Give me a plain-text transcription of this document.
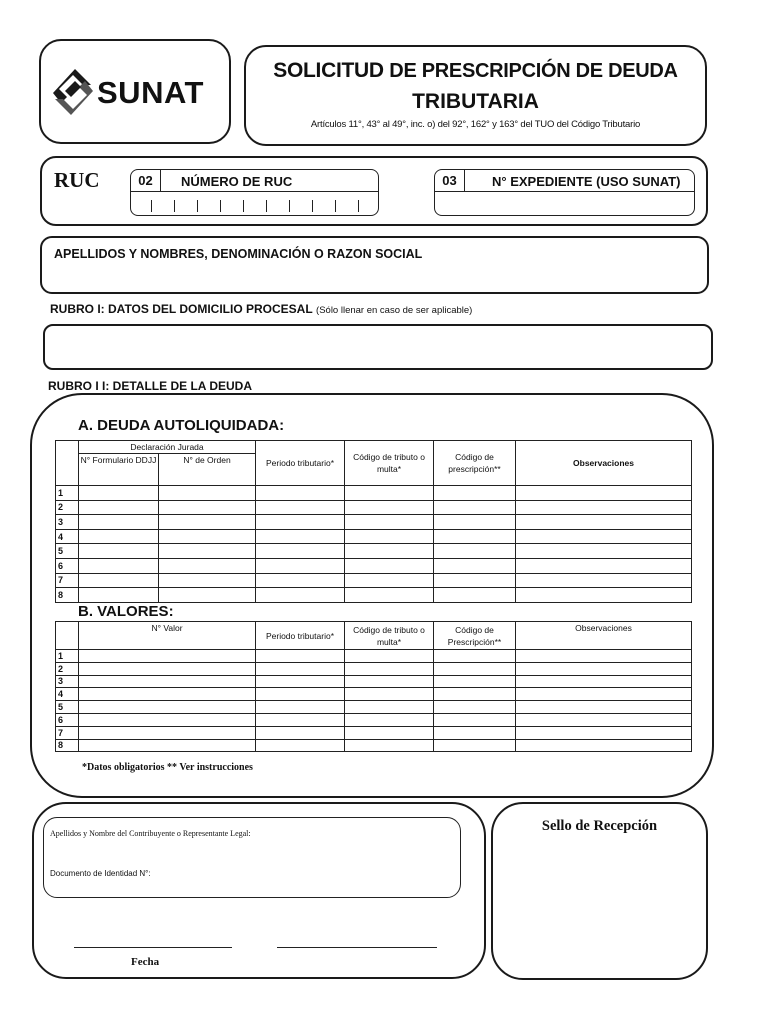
SUNAT
SOLICITUD DE PRESCRIPCIÓN DE DEUDA
TRIBUTARIA
Artículos 11°, 43° al 49°, inc. o) del 92°, 162° y 163° del TUO del Código Tributario
RUC	02	NÚMERO DE RUC	03	N° EXPEDIENTE (USO SUNAT)
APELLIDOS Y NOMBRES, DENOMINACIÓN O RAZON SOCIAL
RUBRO I: DATOS DEL DOMICILIO PROCESAL (Sólo llenar en caso de ser aplicable)
RUBRO I I: DETALLE DE LA DEUDA
A. DEUDA AUTOLIQUIDADA:
	Declaración Jurada		Periodo tributario*	Código de tributo o multa*	Código de prescripción**	Observaciones
	N° Formulario DDJJ	N° de Orden				
1						
2						
3						
4						
5						
6						
7						
8						
B. VALORES:
	N° Valor	Periodo tributario*	Código de tributo o multa*	Código de Prescripción**	Observaciones
1					
2					
3					
4					
5					
6					
7					
8					
*Datos obligatorios ** Ver instrucciones
Apellidos y Nombre del Contribuyente o Representante Legal:
Documento de Identidad N°:
Fecha
Sello de Recepción
